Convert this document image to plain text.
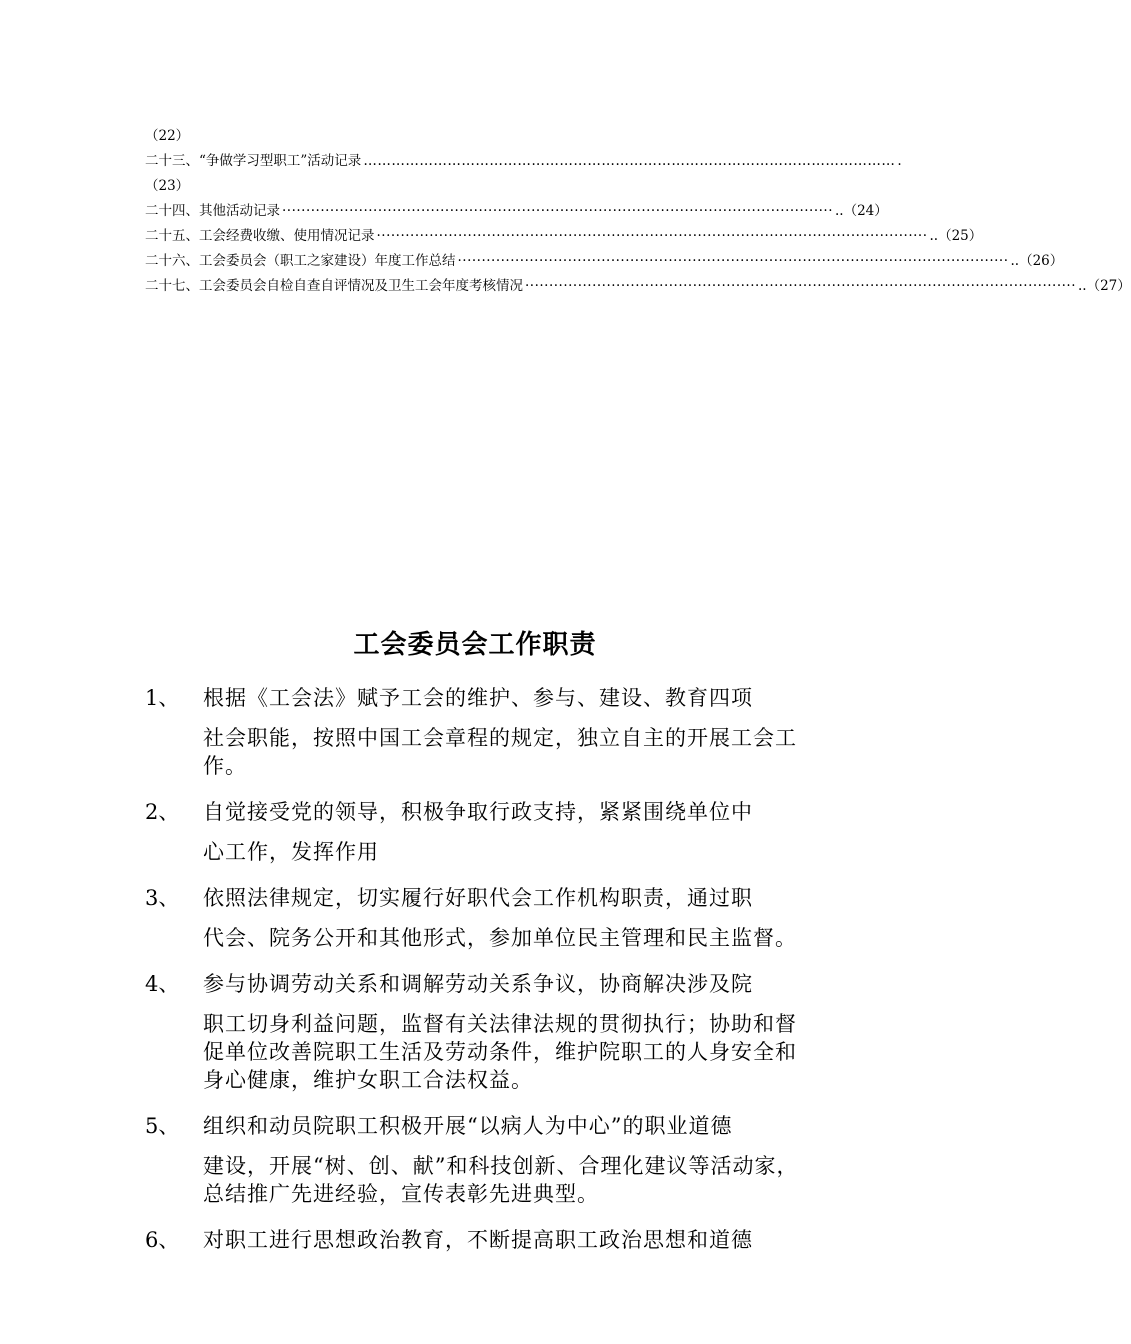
（22）
二十三、“争做学习型职工”活动记录 …………………………………………………………………………………………………… .
（23）
二十四、其他活动记录 ··················································································································· ..（24）
二十五、工会经费收缴、使用情况记录 ··················································································································· ..（25）
二十六、工会委员会（职工之家建设）年度工作总结 ··················································································································· ..（26）
二十七、工会委员会自检自查自评情况及卫生工会年度考核情况 ··················································································································· ..（27）
工会委员会工作职责
1、	根据《工会法》赋予工会的维护、参与、建设、教育四项
社会职能，按照中国工会章程的规定，独立自主的开展工会工作。
2、	自觉接受党的领导，积极争取行政支持，紧紧围绕单位中
心工作，发挥作用
3、	依照法律规定，切实履行好职代会工作机构职责，通过职
代会、院务公开和其他形式，参加单位民主管理和民主监督。
4、	参与协调劳动关系和调解劳动关系争议，协商解决涉及院
职工切身利益问题，监督有关法律法规的贯彻执行；协助和督促单位改善院职工生活及劳动条件，维护院职工的人身安全和身心健康，维护女职工合法权益。
5、	组织和动员院职工积极开展“以病人为中心”的职业道德
建设，开展“树、创、献”和科技创新、合理化建议等活动家，总结推广先进经验，宣传表彰先进典型。
6、	对职工进行思想政治教育，不断提高职工政治思想和道德
